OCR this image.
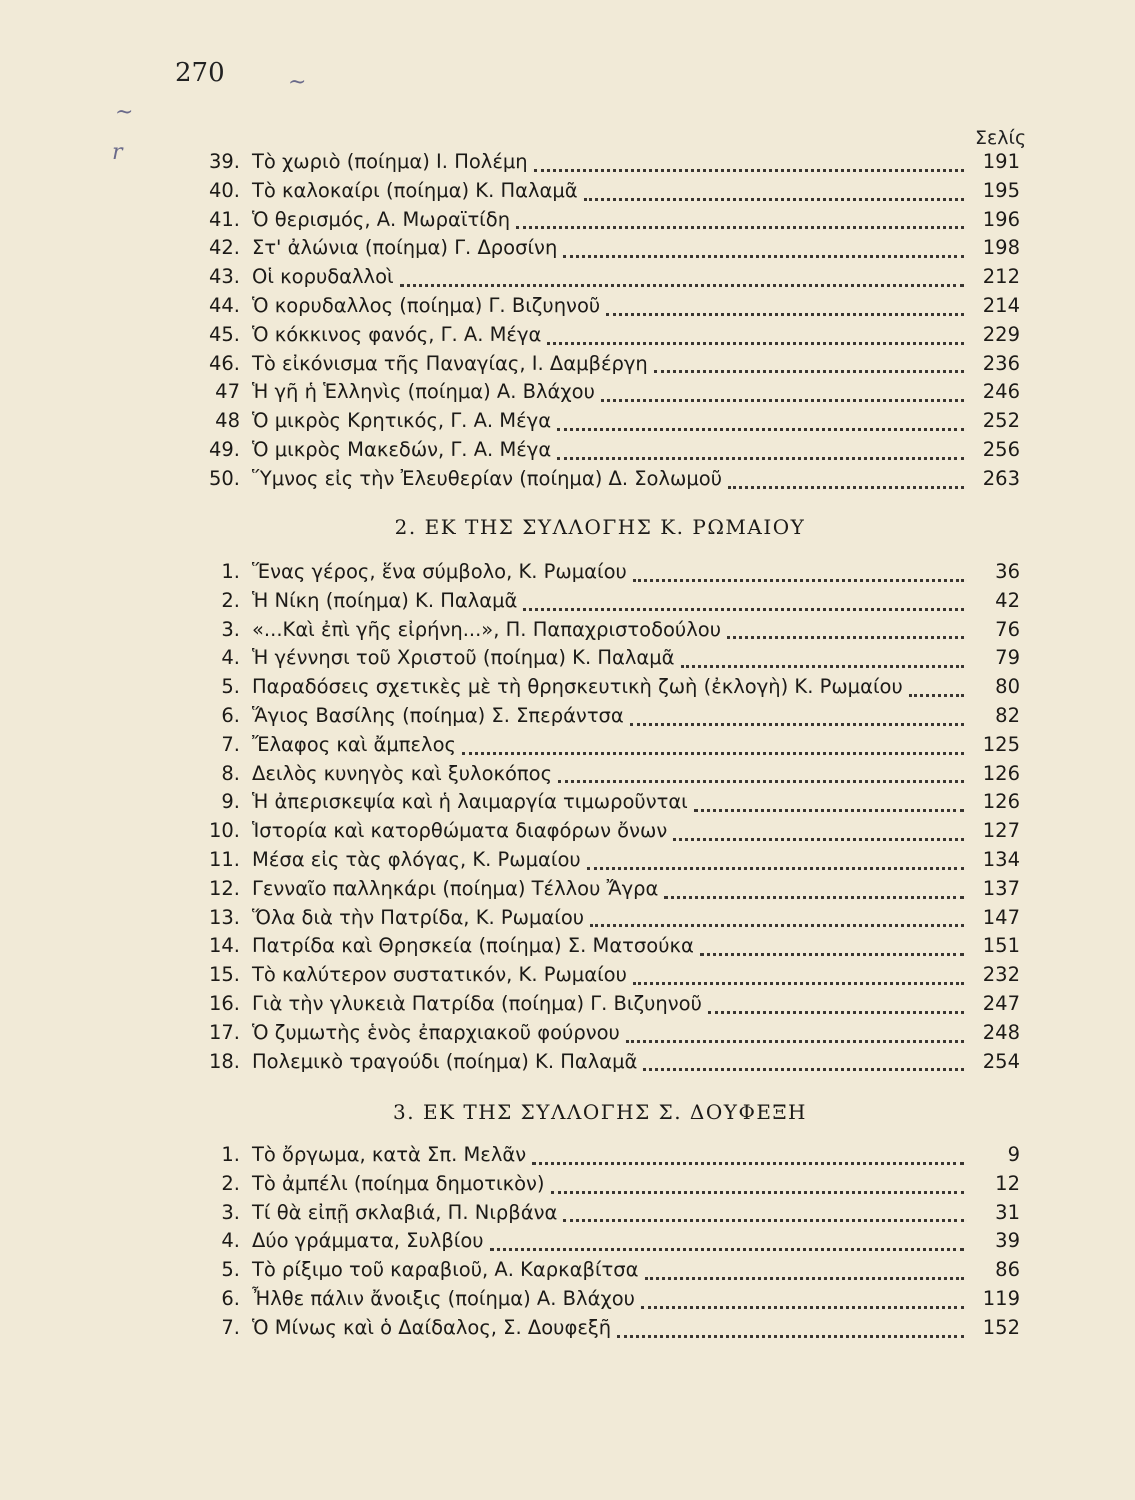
270	~
~
r
Σελίς
39. Τὸ χωριὸ (ποίημα) Ι. Πολέμη	191
40. Τὸ καλοκαίρι (ποίημα) Κ. Παλαμᾶ	195
41. Ὁ θερισμός, Α. Μωραϊτίδη	196
42. Στ' ἀλώνια (ποίημα) Γ. Δροσίνη	198
43. Οἱ κορυδαλλοὶ	212
44. Ὁ κορυδαλλος (ποίημα) Γ. Βιζυηνοῦ	214
45. Ὁ κόκκινος φανός, Γ. Α. Μέγα	229
46. Τὸ εἰκόνισμα τῆς Παναγίας, Ι. Δαμβέργη	236
47 Ἡ γῆ ἡ Ἑλληνὶς (ποίημα) Α. Βλάχου	246
48 Ὁ μικρὸς Κρητικός, Γ. Α. Μέγα	252
49. Ὁ μικρὸς Μακεδών, Γ. Α. Μέγα	256
50. Ὕμνος εἰς τὴν Ἐλευθερίαν (ποίημα) Δ. Σολωμοῦ	263
2. ΕΚ ΤΗΣ ΣΥΛΛΟΓΗΣ Κ. ΡΩΜΑΙΟΥ
1. Ἕνας γέρος, ἕνα σύμβολο, Κ. Ρωμαίου	36
2. Ἡ Νίκη (ποίημα) Κ. Παλαμᾶ	42
3. «...Καὶ ἐπὶ γῆς εἰρήνη...», Π. Παπαχριστοδούλου	76
4. Ἡ γέννησι τοῦ Χριστοῦ (ποίημα) Κ. Παλαμᾶ	79
5. Παραδόσεις σχετικὲς μὲ τὴ θρησκευτικὴ ζωὴ (ἐκλογὴ) Κ. Ρωμαίου	80
6. Ἅγιος Βασίλης (ποίημα) Σ. Σπεράντσα	82
7. Ἔλαφος καὶ ἄμπελος	125
8. Δειλὸς κυνηγὸς καὶ ξυλοκόπος	126
9. Ἡ ἀπερισκεψία καὶ ἡ λαιμαργία τιμωροῦνται	126
10. Ἱστορία καὶ κατορθώματα διαφόρων ὄνων	127
11. Μέσα εἰς τὰς φλόγας, Κ. Ρωμαίου	134
12. Γενναῖο παλληκάρι (ποίημα) Τέλλου Ἄγρα	137
13. Ὅλα διὰ τὴν Πατρίδα, Κ. Ρωμαίου	147
14. Πατρίδα καὶ Θρησκεία (ποίημα) Σ. Ματσούκα	151
15. Τὸ καλύτερον συστατικόν, Κ. Ρωμαίου	232
16. Γιὰ τὴν γλυκειὰ Πατρίδα (ποίημα) Γ. Βιζυηνοῦ	247
17. Ὁ ζυμωτὴς ἑνὸς ἐπαρχιακοῦ φούρνου	248
18. Πολεμικὸ τραγούδι (ποίημα) Κ. Παλαμᾶ	254
3. ΕΚ ΤΗΣ ΣΥΛΛΟΓΗΣ Σ. ΔΟΥΦΕΞΗ
1. Τὸ ὄργωμα, κατὰ Σπ. Μελᾶν	9
2. Τὸ ἀμπέλι (ποίημα δημοτικὸν)	12
3. Τί θὰ εἰπῇ σκλαβιά, Π. Νιρβάνα	31
4. Δύο γράμματα, Συλβίου	39
5. Τὸ ρίξιμο τοῦ καραβιοῦ, Α. Καρκαβίτσα	86
6. Ἦλθε πάλιν ἄνοιξις (ποίημα) Α. Βλάχου	119
7. Ὁ Μίνως καὶ ὁ Δαίδαλος, Σ. Δουφεξῆ	152
